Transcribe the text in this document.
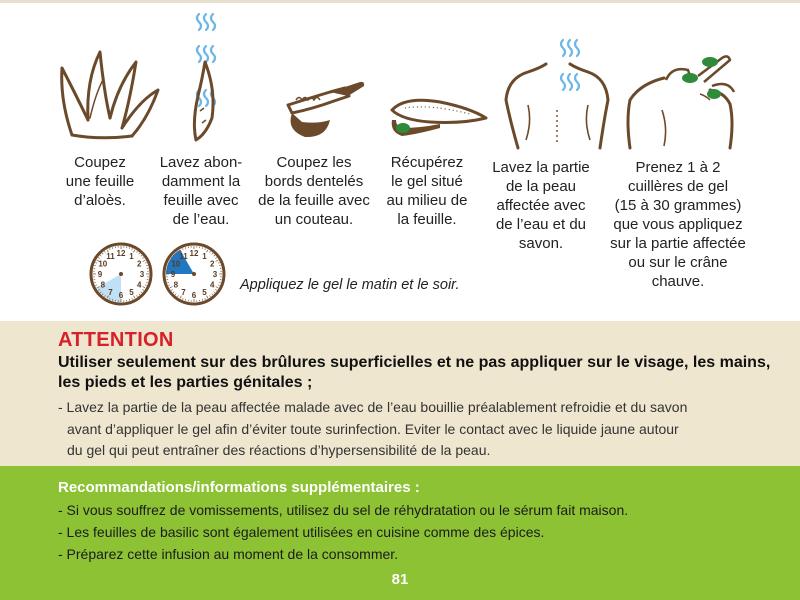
Coupez
une feuille
d’aloès.
Lavez abon-
damment la
feuille avec
de l’eau.
Coupez les
bords dentelés
de la feuille avec
un couteau.
Récupérez
le gel situé
au milieu de
la feuille.
Lavez la partie
de la peau
affectée avec
de l’eau et du
savon.
Prenez 1 à 2
cuillères de gel
(15 à 30 grammes)
que vous appliquez
sur la partie affectée
ou sur le crâne
chauve.
12 1
2
3
4
5
6
7
8
9
10
11	12 1
2
3
4
5
6
7
8
9
10
11
Appliquez le gel le matin et le soir.
ATTENTION
Utiliser seulement sur des brûlures superficielles et ne pas appliquer sur le visage, les mains, les pieds et les parties génitales ;
- Lavez la partie de la peau affectée malade avec de l’eau bouillie préalablement refroidie et du savon
avant d’appliquer le gel afin d’éviter toute surinfection. Eviter le contact avec le liquide jaune autour
du gel qui peut entraîner des réactions d’hypersensibilité de la peau.
Recommandations/informations supplémentaires :
- Si vous souffrez de vomissements, utilisez du sel de réhydratation ou le sérum fait maison.
- Les feuilles de basilic sont également utilisées en cuisine comme des épices.
- Préparez cette infusion au moment de la consommer.
81
